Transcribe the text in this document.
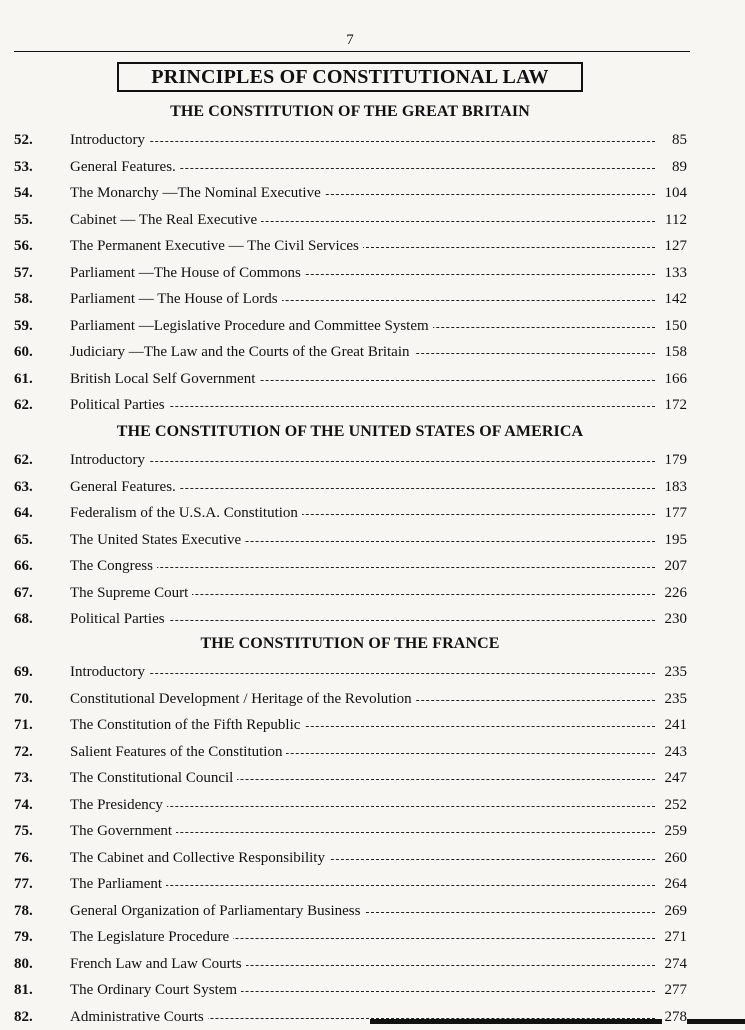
7
PRINCIPLES OF CONSTITUTIONAL LAW
THE CONSTITUTION OF THE GREAT BRITAIN
52. Introductory	85
53. General Features.	89
54. The Monarchy —The Nominal Executive	104
55. Cabinet — The Real Executive	112
56. The Permanent Executive — The Civil Services	127
57. Parliament —The House of Commons	133
58. Parliament — The House of Lords	142
59. Parliament —Legislative Procedure and Committee System	150
60. Judiciary —The Law and the Courts of the Great Britain	158
61. British Local Self Government	166
62. Political Parties	172
THE CONSTITUTION OF THE UNITED STATES OF AMERICA
62. Introductory	179
63. General Features.	183
64. Federalism of the U.S.A. Constitution	177
65. The United States Executive	195
66. The Congress	207
67. The Supreme Court	226
68. Political Parties	230
THE CONSTITUTION OF THE FRANCE
69. Introductory	235
70. Constitutional Development / Heritage of the Revolution	235
71. The Constitution of the Fifth Republic	241
72. Salient Features of the Constitution	243
73. The Constitutional Council	247
74. The Presidency	252
75. The Government	259
76. The Cabinet and Collective Responsibility	260
77. The Parliament	264
78. General Organization of Parliamentary Business	269
79. The Legislature Procedure	271
80. French Law and Law Courts	274
81. The Ordinary Court System	277
82. Administrative Courts	278
